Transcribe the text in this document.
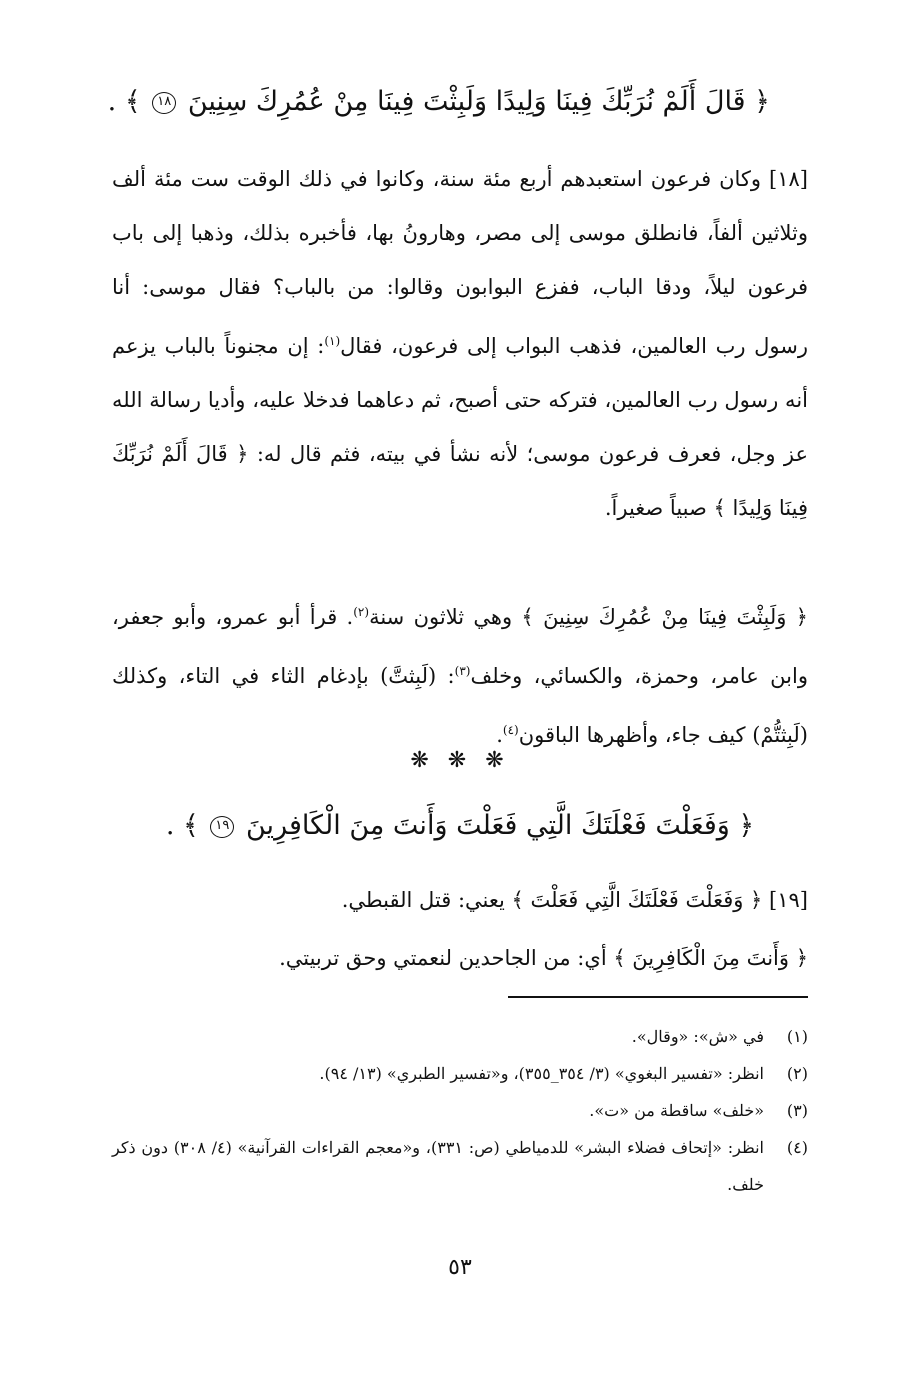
﴿ قَالَ أَلَمْ نُرَبِّكَ فِينَا وَلِيدًا وَلَبِثْتَ فِينَا مِنْ عُمُرِكَ سِنِينَ ١٨ ﴾ .

[١٨] وكان فرعون استعبدهم أربع مئة سنة، وكانوا في ذلك الوقت ست مئة ألف وثلاثين ألفاً، فانطلق موسى إلى مصر، وهارونُ بها، فأخبره بذلك، وذهبا إلى باب فرعون ليلاً، ودقا الباب، ففزع البوابون وقالوا: من بالباب؟ فقال موسى: أنا رسول رب العالمين، فذهب البواب إلى فرعون، فقال$^{(١)}$: إن مجنوناً بالباب يزعم أنه رسول رب العالمين، فتركه حتى أصبح، ثم دعاهما فدخلا عليه، وأديا رسالة الله عز وجل، فعرف فرعون موسى؛ لأنه نشأ في بيته، فثم قال له: ﴿ قَالَ أَلَمْ نُرَبِّكَ فِينَا وَلِيدًا ﴾ صبياً صغيراً.

﴿ وَلَبِثْتَ فِينَا مِنْ عُمُرِكَ سِنِينَ ﴾ وهي ثلاثون سنة$^{(٢)}$. قرأ أبو عمرو، وأبو جعفر، وابن عامر، وحمزة، والكسائي، وخلف$^{(٣)}$: (لَبِثتَّ) بإدغام الثاء في التاء، وكذلك (لَبِثتُّمْ) كيف جاء، وأظهرها الباقون$^{(٤)}$.

❋ ❋ ❋
﴿ وَفَعَلْتَ فَعْلَتَكَ الَّتِي فَعَلْتَ وَأَنتَ مِنَ الْكَافِرِينَ ١٩ ﴾ .
[١٩] ﴿ وَفَعَلْتَ فَعْلَتَكَ الَّتِي فَعَلْتَ ﴾ يعني: قتل القبطي.
﴿ وَأَنتَ مِنَ الْكَافِرِينَ ﴾ أي: من الجاحدين لنعمتي وحق تربيتي.
(١)
في «ش»: «وقال».
(٢)
انظر: «تفسير البغوي» (٣/ ٣٥٤_٣٥٥)، و«تفسير الطبري» (١٣/ ٩٤).
(٣)
«خلف» ساقطة من «ت».
(٤)
انظر: «إتحاف فضلاء البشر» للدمياطي (ص: ٣٣١)، و«معجم القراءات القرآنية» (٤/ ٣٠٨) دون ذكر خلف.
٥٣
